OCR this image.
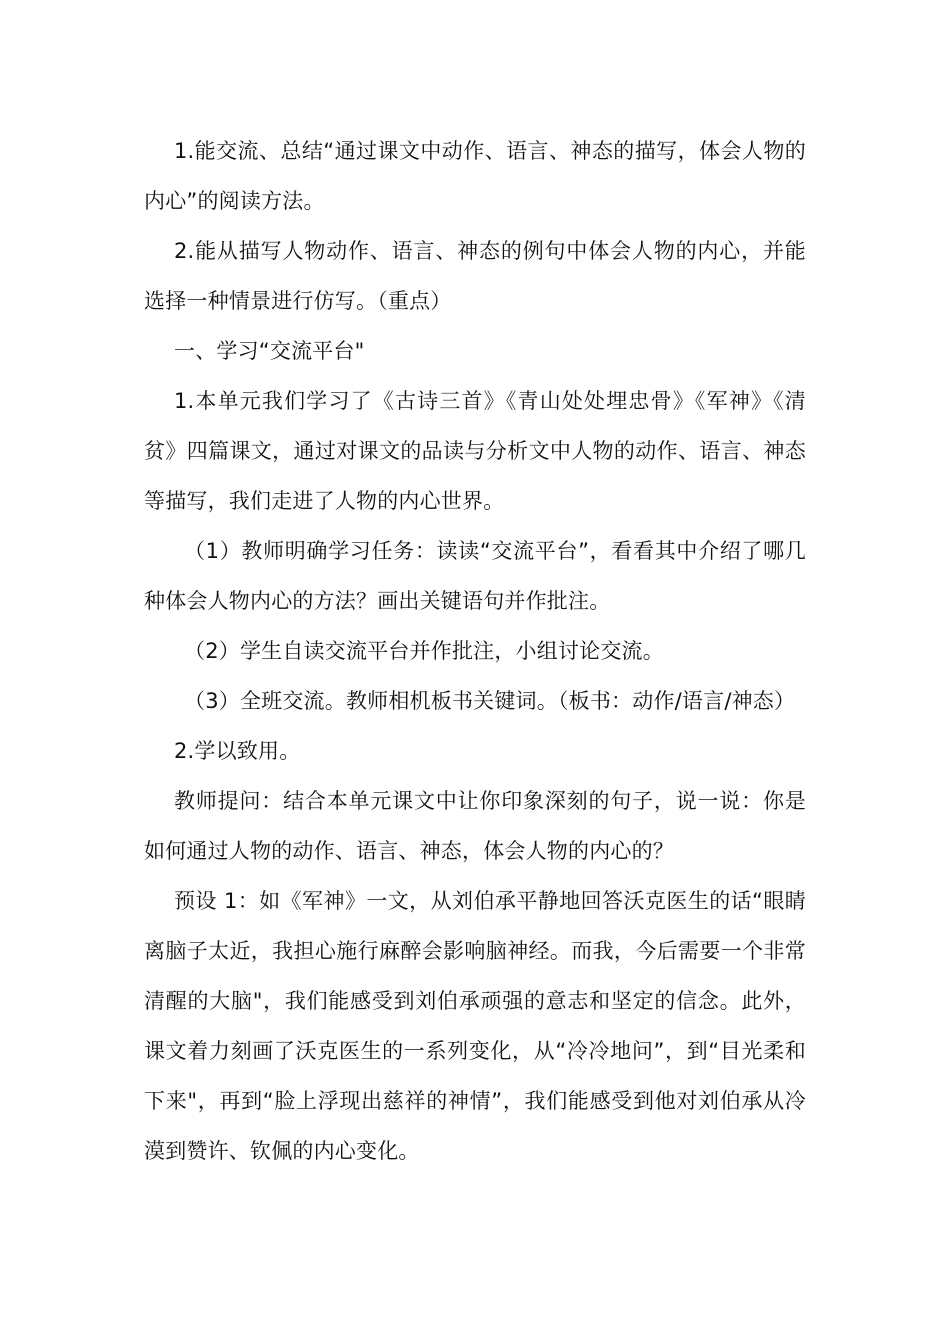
1.能交流、总结“通过课文中动作、语言、神态的描写，体会人物的内心”的阅读方法。

2.能从描写人物动作、语言、神态的例句中体会人物的内心，并能选择一种情景进行仿写。（重点）

一、学习“交流平台"

1.本单元我们学习了《古诗三首》《青山处处埋忠骨》《军神》《清贫》四篇课文，通过对课文的品读与分析文中人物的动作、语言、神态等描写，我们走进了人物的内心世界。

（1）教师明确学习任务：读读“交流平台”，看看其中介绍了哪几种体会人物内心的方法？画出关键语句并作批注。

（2）学生自读交流平台并作批注，小组讨论交流。

（3）全班交流。教师相机板书关键词。（板书：动作/语言/神态）

2.学以致用。

教师提问：结合本单元课文中让你印象深刻的句子，说一说：你是如何通过人物的动作、语言、神态，体会人物的内心的？

预设 1：如《军神》一文，从刘伯承平静地回答沃克医生的话“眼睛离脑子太近，我担心施行麻醉会影响脑神经。而我，今后需要一个非常清醒的大脑"，我们能感受到刘伯承顽强的意志和坚定的信念。此外，课文着力刻画了沃克医生的一系列变化，从“冷冷地问”，到“目光柔和下来"，再到“脸上浮现出慈祥的神情”，我们能感受到他对刘伯承从冷漠到赞许、钦佩的内心变化。
